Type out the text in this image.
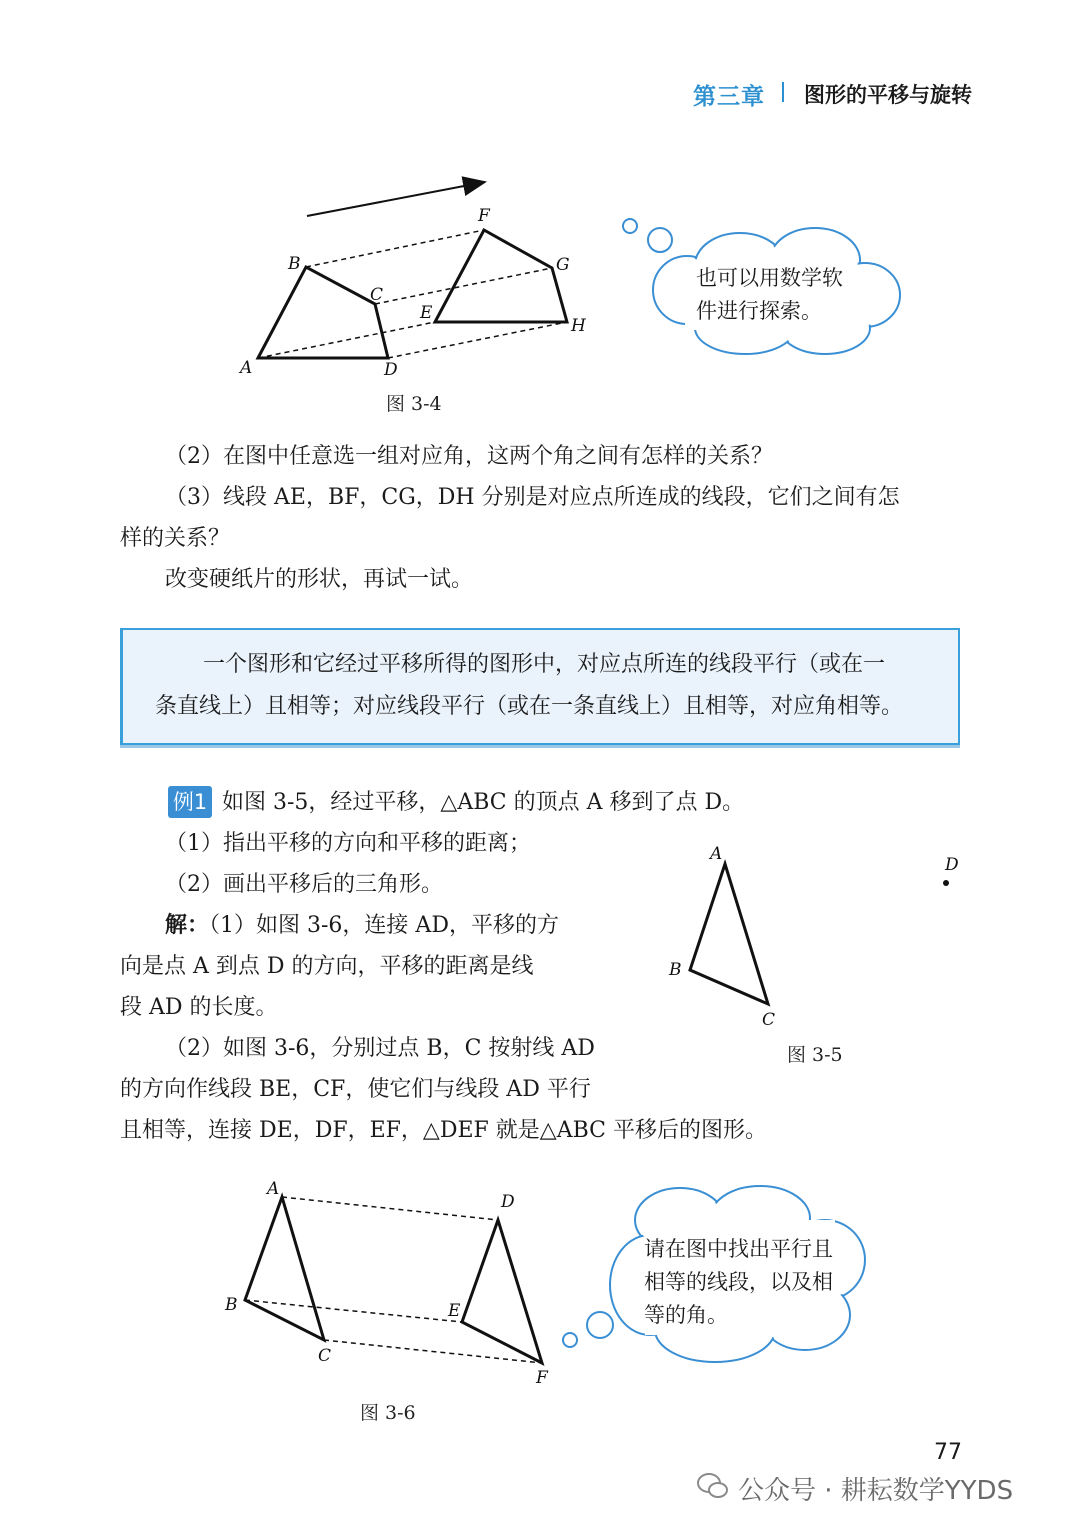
第三章 图形的平移与旋转
A
B
C
D
E
F
G
H
图 3-4
也可以用数学软
件进行探索。
（2）在图中任意选一组对应角，这两个角之间有怎样的关系？
（3）线段 AE，BF，CG，DH 分别是对应点所连成的线段，它们之间有怎
样的关系？
改变硬纸片的形状，再试一试。
一个图形和它经过平移所得的图形中，对应点所连的线段平行（或在一
条直线上）且相等；对应线段平行（或在一条直线上）且相等，对应角相等。
例1 如图 3-5，经过平移，△ABC 的顶点 A 移到了点 D。
（1）指出平移的方向和平移的距离；
（2）画出平移后的三角形。
解：（1）如图 3-6，连接 AD，平移的方
向是点 A 到点 D 的方向，平移的距离是线
段 AD 的长度。
（2）如图 3-6，分别过点 B，C 按射线 AD
的方向作线段 BE，CF，使它们与线段 AD 平行
且相等，连接 DE，DF，EF，△DEF 就是△ABC 平移后的图形。
A
B
C
D
图 3-5
A
B
C
D
E
F
图 3-6
请在图中找出平行且
相等的线段，以及相
等的角。
77
公众号 · 耕耘数学YYDS
